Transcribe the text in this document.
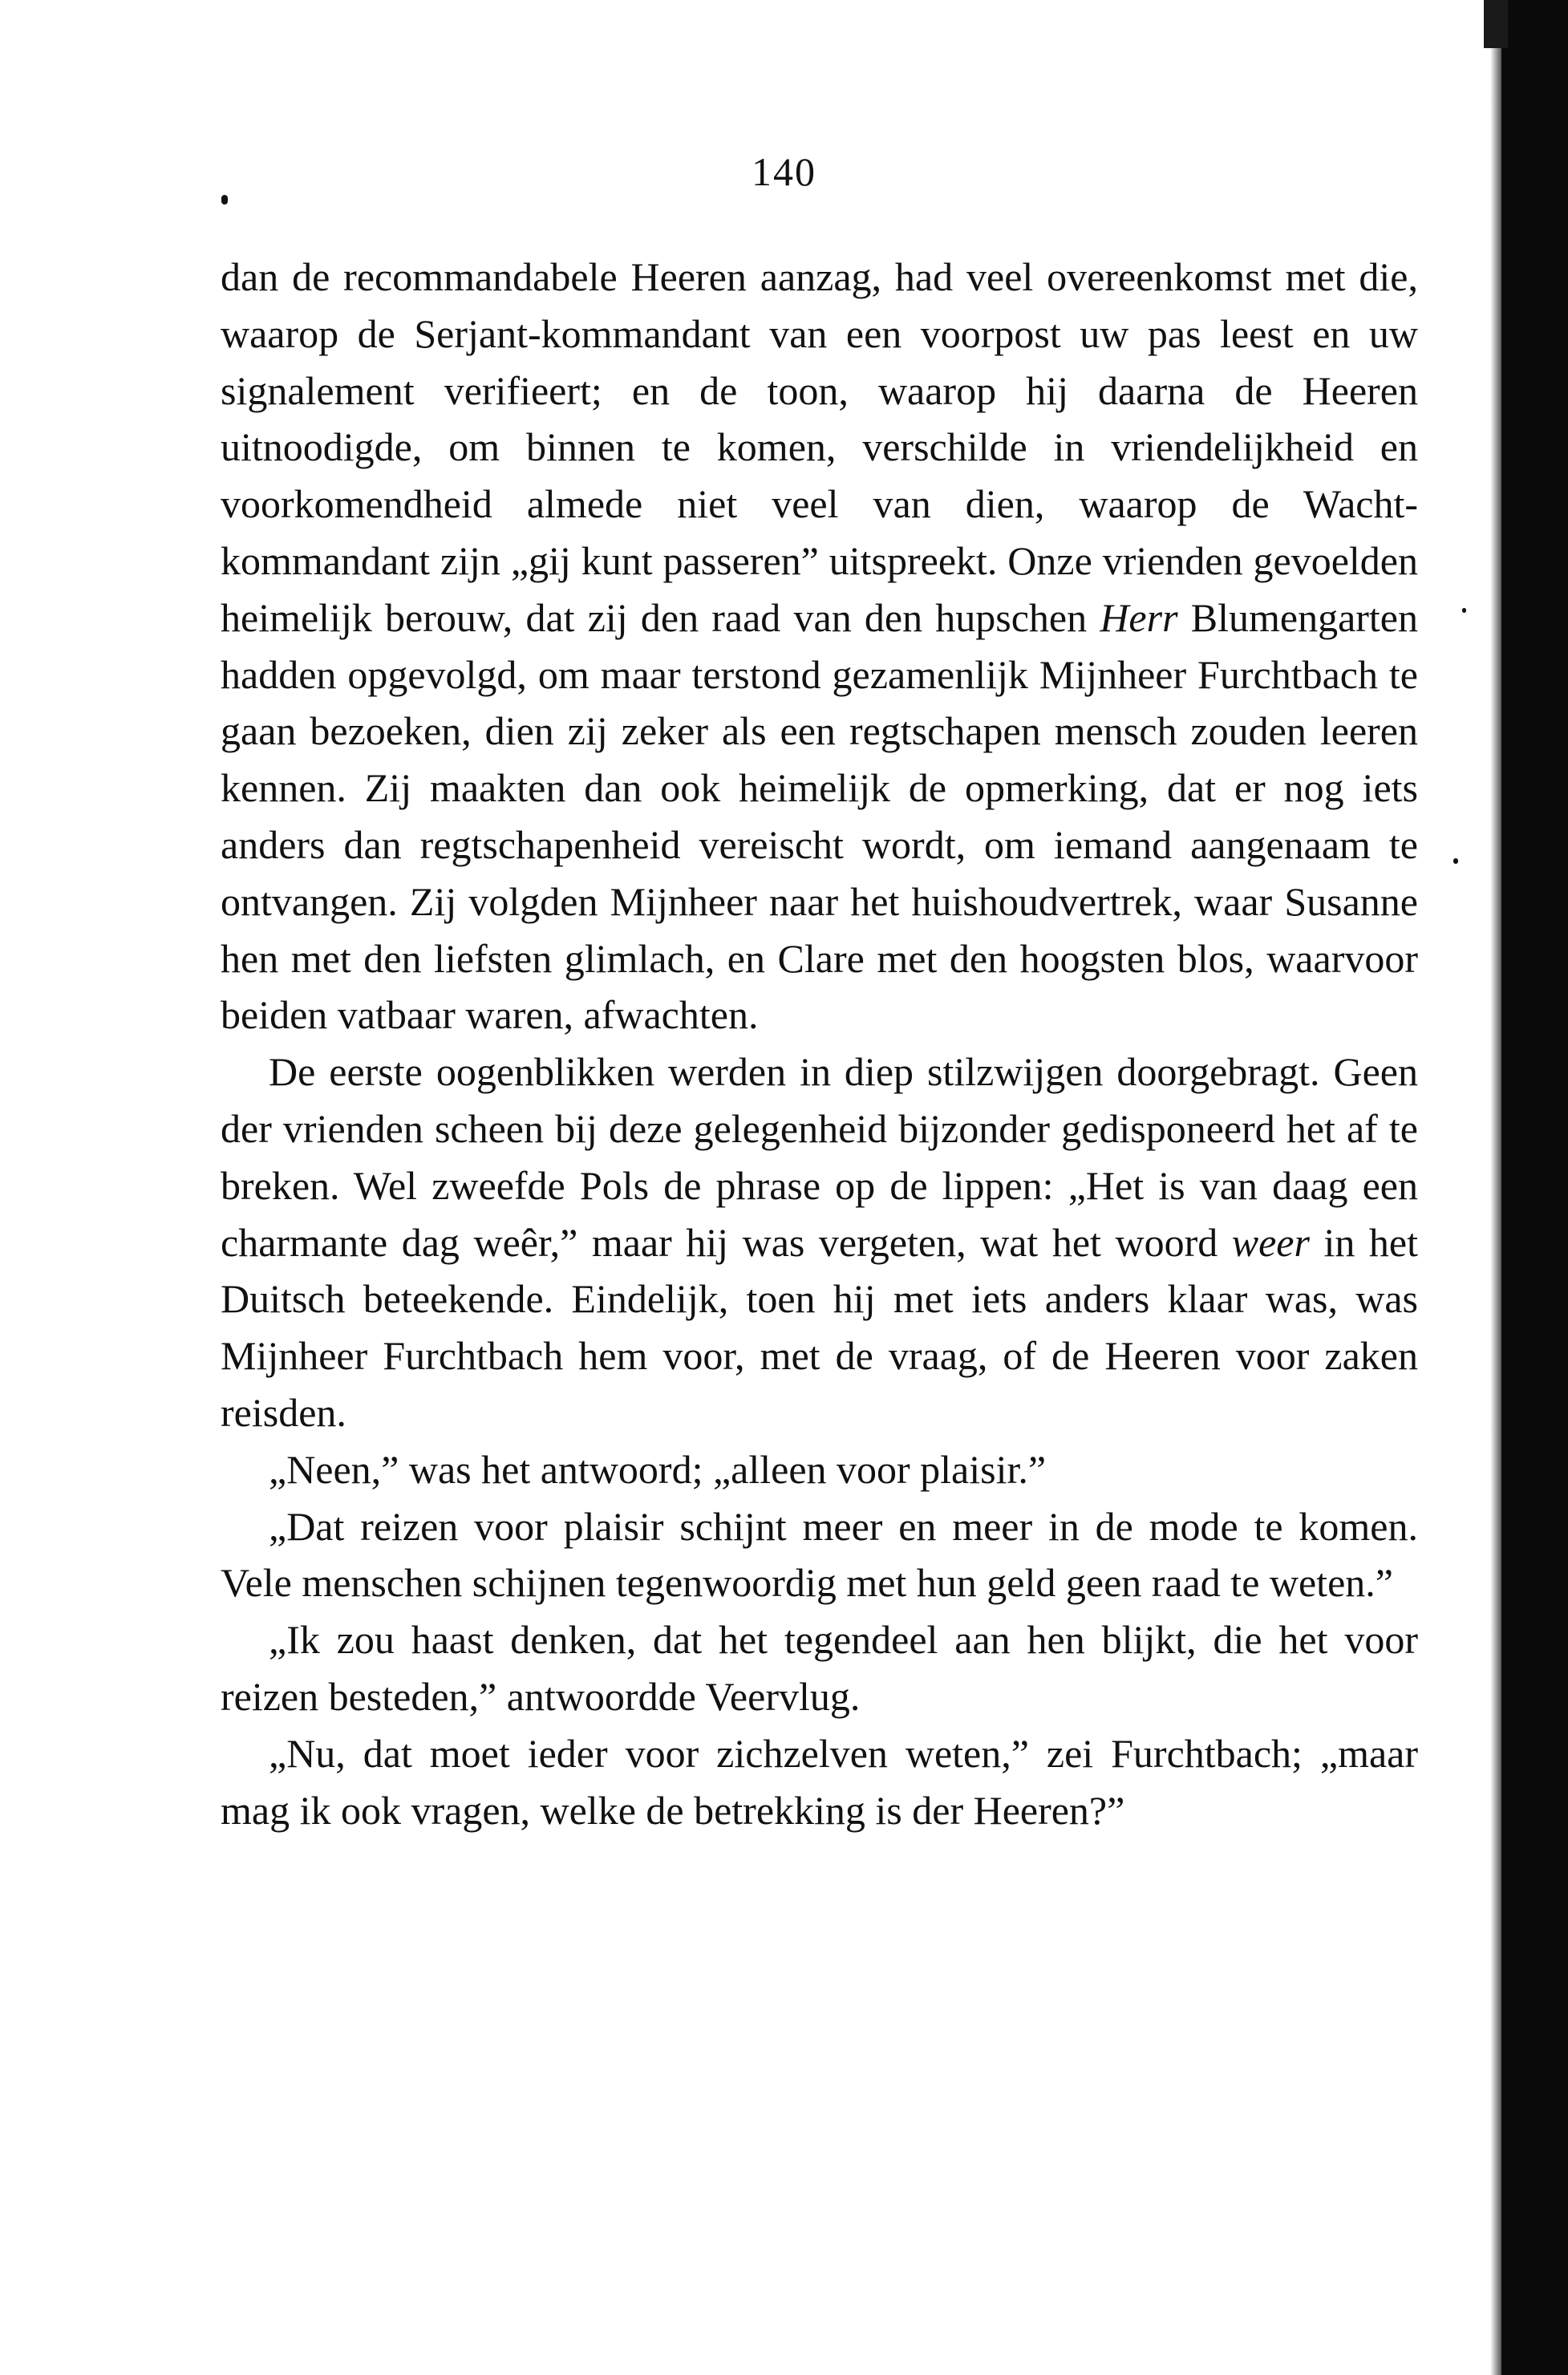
140

dan de recommandabele Heeren aanzag, had veel overeenkomst met die, waarop de Serjant-kommandant van een voorpost uw pas leest en uw signalement verifieert; en de toon, waarop hij daarna de Heeren uitnoodigde, om binnen te komen, verschilde in vriendelijkheid en voorkomendheid almede niet veel van dien, waarop de Wacht-kommandant zijn „gij kunt passeren” uitspreekt. Onze vrienden gevoelden heimelijk berouw, dat zij den raad van den hupschen Herr Blumengarten hadden opgevolgd, om maar terstond gezamenlijk Mijnheer Furchtbach te gaan bezoeken, dien zij zeker als een regtschapen mensch zouden leeren kennen. Zij maakten dan ook heimelijk de opmerking, dat er nog iets anders dan regtschapenheid vereischt wordt, om iemand aangenaam te ontvangen. Zij volgden Mijnheer naar het huishoudvertrek, waar Susanne hen met den liefsten glimlach, en Clare met den hoogsten blos, waarvoor beiden vatbaar waren, afwachten.

De eerste oogenblikken werden in diep stilzwijgen doorgebragt. Geen der vrienden scheen bij deze gelegenheid bijzonder gedisponeerd het af te breken. Wel zweefde Pols de phrase op de lippen: „Het is van daag een charmante dag weêr,” maar hij was vergeten, wat het woord weer in het Duitsch beteekende. Eindelijk, toen hij met iets anders klaar was, was Mijnheer Furchtbach hem voor, met de vraag, of de Heeren voor zaken reisden.

„Neen,” was het antwoord; „alleen voor plaisir.”

„Dat reizen voor plaisir schijnt meer en meer in de mode te komen. Vele menschen schijnen tegenwoordig met hun geld geen raad te weten.”

„Ik zou haast denken, dat het tegendeel aan hen blijkt, die het voor reizen besteden,” antwoordde Veervlug.

„Nu, dat moet ieder voor zichzelven weten,” zei Furchtbach; „maar mag ik ook vragen, welke de betrekking is der Heeren?”
